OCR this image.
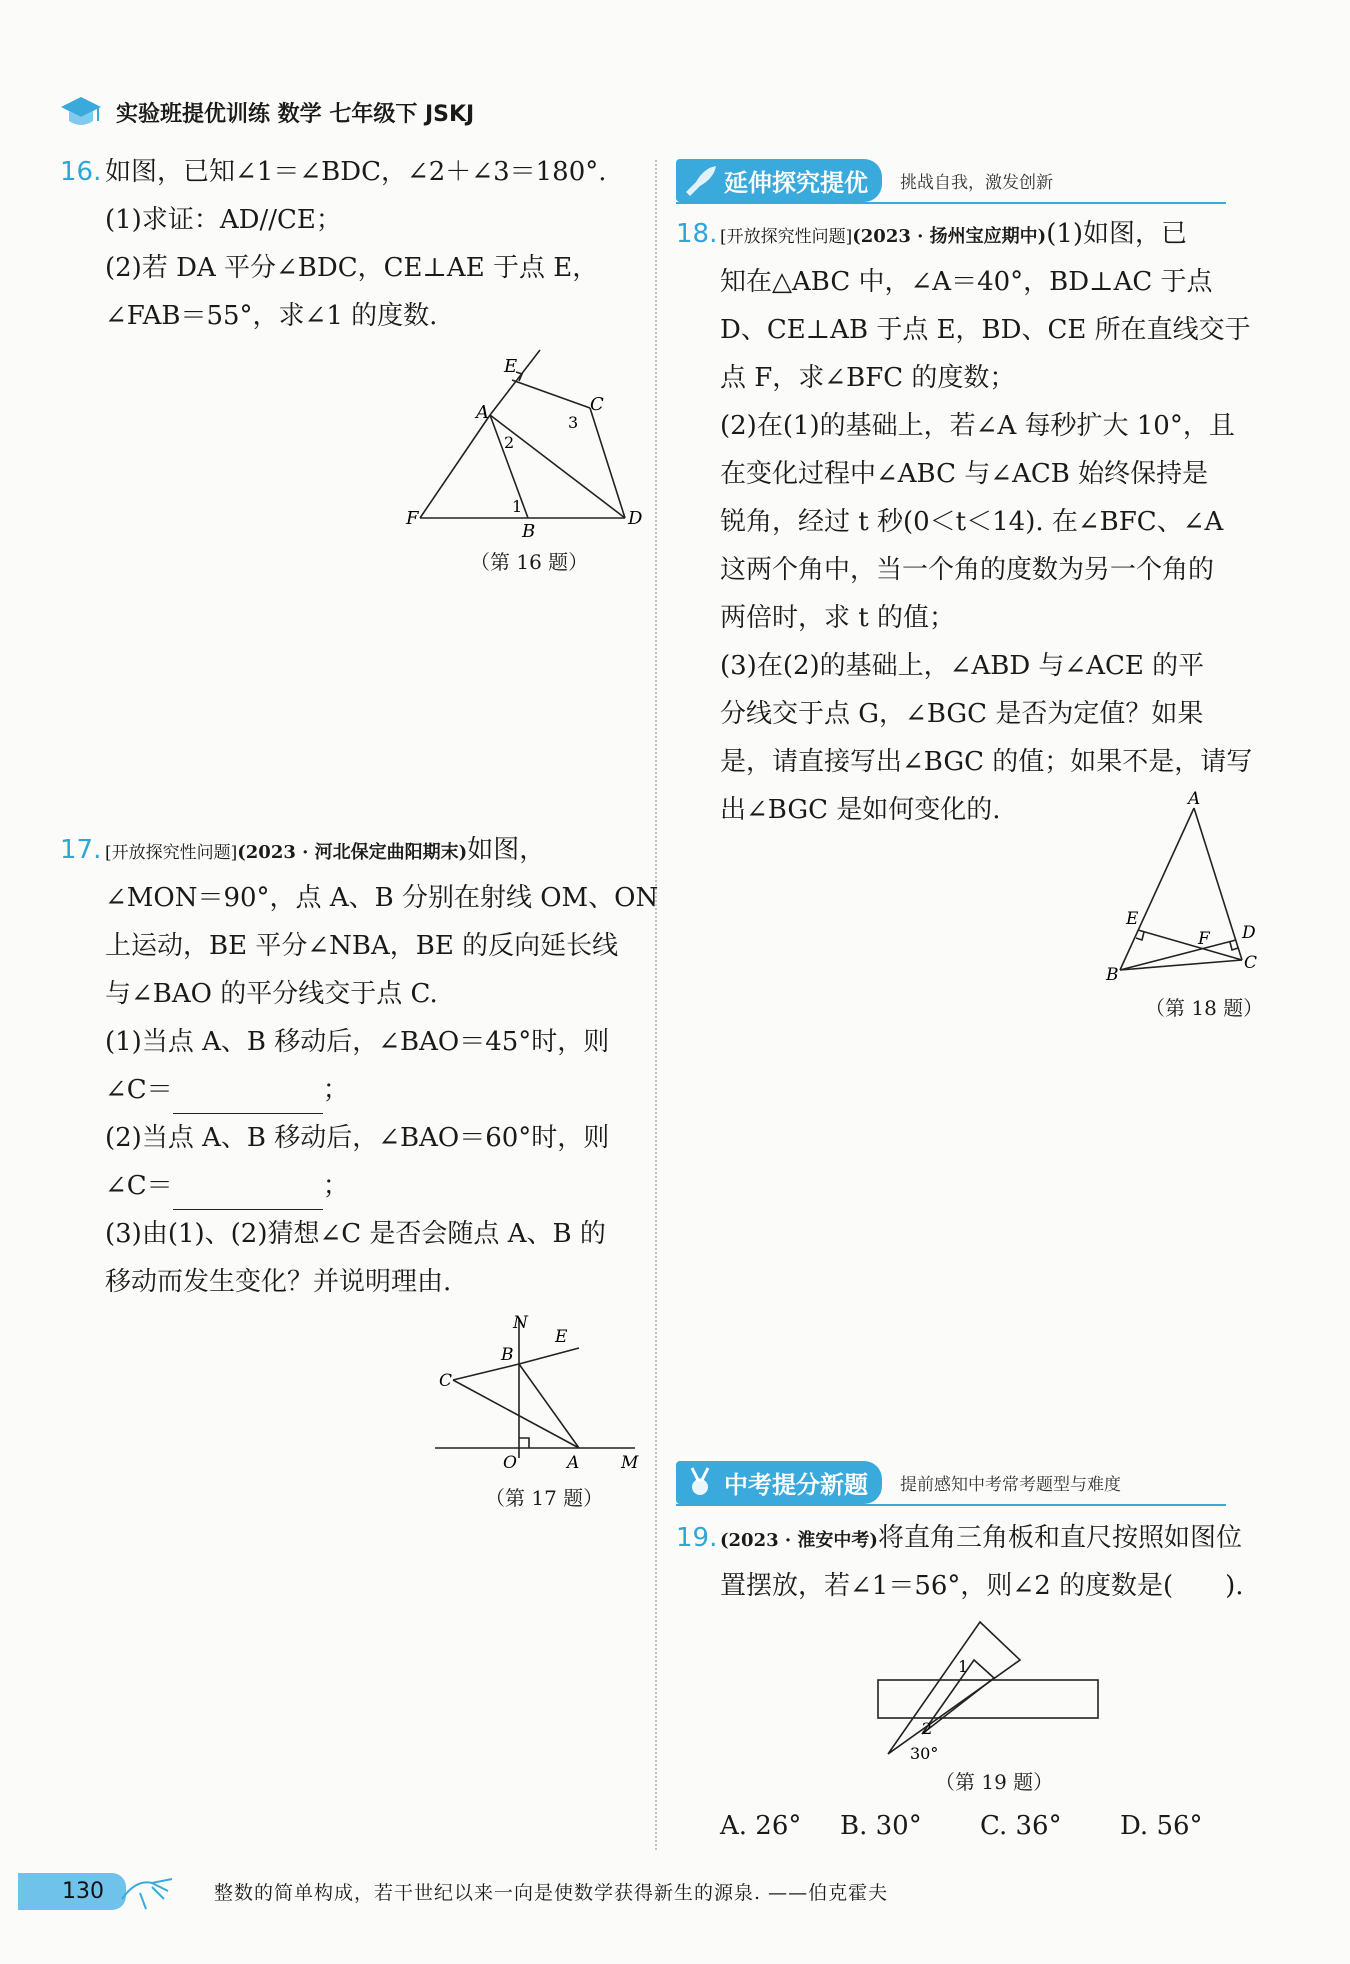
实验班提优训练 数学 七年级下 JSKJ
16. 如图，已知∠1＝∠BDC，∠2＋∠3＝180°.
(1)求证：AD//CE；
(2)若 DA 平分∠BDC，CE⊥AE 于点 E，
∠FAB＝55°，求∠1 的度数.
E
A	C
2
3
1
F
B
D
（第 16 题）
17. [开放探究性问题](2023 · 河北保定曲阳期末)如图，
∠MON＝90°，点 A、B 分别在射线 OM、ON
上运动，BE 平分∠NBA，BE 的反向延长线
与∠BAO 的平分线交于点 C.
(1)当点 A、B 移动后，∠BAO＝45°时，则
∠C＝	；
(2)当点 A、B 移动后，∠BAO＝60°时，则
∠C＝	；
(3)由(1)、(2)猜想∠C 是否会随点 A、B 的
移动而发生变化？并说明理由.
N
E
B
C
O	A M
（第 17 题）
延伸探究提优	挑战自我，激发创新
18. [开放探究性问题](2023 · 扬州宝应期中)(1)如图，已
知在△ABC 中，∠A＝40°，BD⊥AC 于点
D、CE⊥AB 于点 E，BD、CE 所在直线交于
点 F，求∠BFC 的度数；
(2)在(1)的基础上，若∠A 每秒扩大 10°，且
在变化过程中∠ABC 与∠ACB 始终保持是
锐角，经过 t 秒(0＜t＜14). 在∠BFC、∠A
这两个角中，当一个角的度数为另一个角的
两倍时，求 t 的值；
(3)在(2)的基础上，∠ABD 与∠ACE 的平
分线交于点 G，∠BGC 是否为定值？如果
是，请直接写出∠BGC 的值；如果不是，请写
出∠BGC 是如何变化的.	A
E
F D
B
C
（第 18 题）
中考提分新题	提前感知中考常考题型与难度
19. (2023 · 淮安中考)将直角三角板和直尺按照如图位
置摆放，若∠1＝56°，则∠2 的度数是(　　).
1
2
30°
（第 19 题）
A. 26° B. 30° C. 36° D. 56°
130	整数的简单构成，若干世纪以来一向是使数学获得新生的源泉. ——伯克霍夫
